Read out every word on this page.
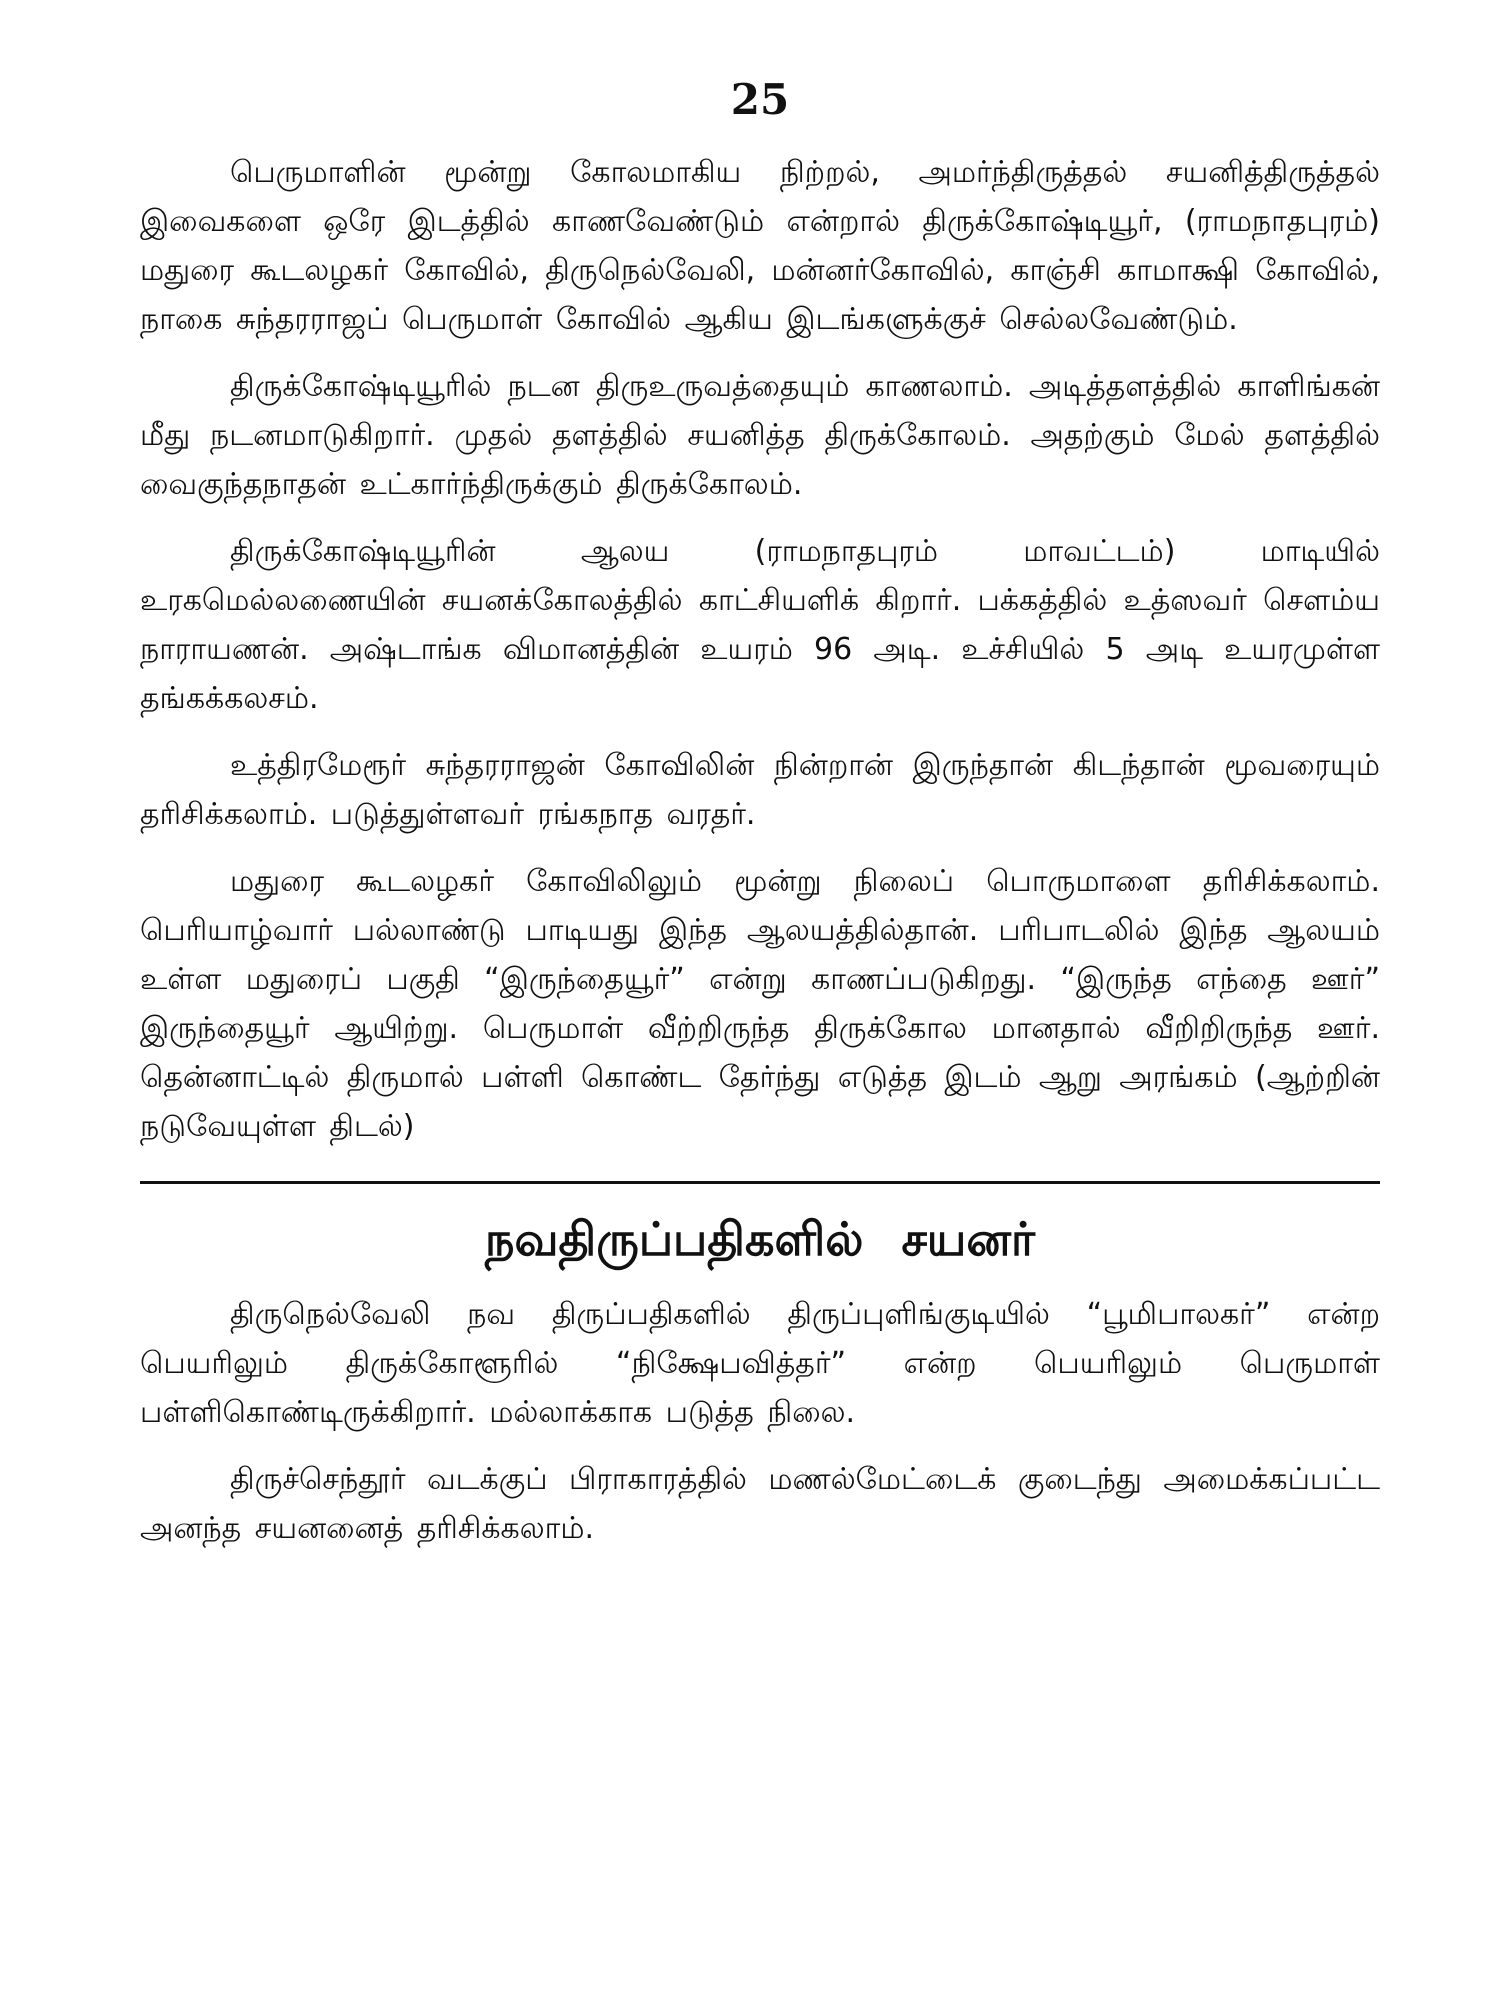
25

பெருமாளின் மூன்று கோலமாகிய நிற்றல், அமர்ந்திருத்தல் சயனித்திருத்தல் இவைகளை ஒரே இடத்தில் காணவேண்டும் என்றால் திருக்கோஷ்டியூர், (ராமநாதபுரம்) மதுரை கூடலழகர் கோவில், திருநெல்வேலி, மன்னர்கோவில், காஞ்சி காமாக்ஷி கோவில், நாகை சுந்தரராஜப் பெருமாள் கோவில் ஆகிய இடங்களுக்குச் செல்லவேண்டும்.

திருக்கோஷ்டியூரில் நடன திருஉருவத்தையும் காணலாம். அடித்தளத்தில் காளிங்கன் மீது நடனமாடுகிறார். முதல் தளத்தில் சயனித்த திருக்கோலம். அதற்கும் மேல் தளத்தில் வைகுந்தநாதன் உட்கார்ந்திருக்கும் திருக்கோலம்.

திருக்கோஷ்டியூரின் ஆலய (ராமநாதபுரம் மாவட்டம்) மாடியில் உரகமெல்லணையின் சயனக்கோலத்தில் காட்சியளிக் கிறார். பக்கத்தில் உத்ஸவர் சௌம்ய நாராயணன். அஷ்டாங்க விமானத்தின் உயரம் 96 அடி. உச்சியில் 5 அடி உயரமுள்ள தங்கக்கலசம்.

உத்திரமேரூர் சுந்தரராஜன் கோவிலின் நின்றான் இருந்தான் கிடந்தான் மூவரையும் தரிசிக்கலாம். படுத்துள்ளவர் ரங்கநாத வரதர்.

மதுரை கூடலழகர் கோவிலிலும் மூன்று நிலைப் பொருமாளை தரிசிக்கலாம். பெரியாழ்வார் பல்லாண்டு பாடியது இந்த ஆலயத்தில்தான். பரிபாடலில் இந்த ஆலயம் உள்ள மதுரைப் பகுதி “இருந்தையூர்” என்று காணப்படுகிறது. “இருந்த எந்தை ஊர்” இருந்தையூர் ஆயிற்று. பெருமாள் வீற்றிருந்த திருக்கோல மானதால் வீறிறிருந்த ஊர். தென்னாட்டில் திருமால் பள்ளி கொண்ட தேர்ந்து எடுத்த இடம் ஆறு அரங்கம் (ஆற்றின் நடுவேயுள்ள திடல்)

நவதிருப்பதிகளில் சயனர்

திருநெல்வேலி நவ திருப்பதிகளில் திருப்புளிங்குடியில் “பூமிபாலகர்” என்ற பெயரிலும் திருக்கோளூரில் “நிக்ஷேபவித்தர்” என்ற பெயரிலும் பெருமாள் பள்ளிகொண்டிருக்கிறார். மல்லாக்காக படுத்த நிலை.

திருச்செந்தூர் வடக்குப் பிராகாரத்தில் மணல்மேட்டைக் குடைந்து அமைக்கப்பட்ட அனந்த சயனனைத் தரிசிக்கலாம்.
